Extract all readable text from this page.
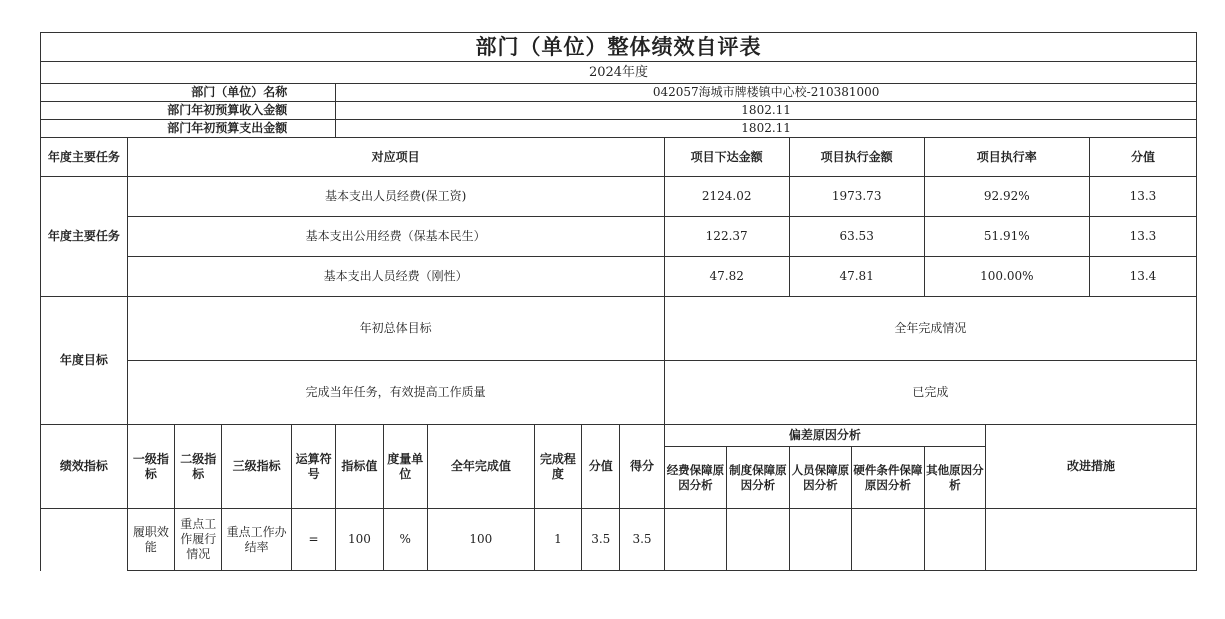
部门（单位）整体绩效自评表																	
2024年度																	
部门（单位）名称					042057海城市牌楼镇中心校-210381000												
部门年初预算收入金额					1802.11												
部门年初预算支出金额					1802.11												
年度主要任务	对应项目										项目下达金额		项目执行金额		项目执行率		分值
年度主要任务	基本支出人员经费(保工资)										2124.02		1973.73		92.92%		13.3
	基本支出公用经费（保基本民生）										122.37		63.53		51.91%		13.3
	基本支出人员经费（刚性）										47.82		47.81		100.00%		13.4
年度目标	年初总体目标										全年完成情况						
	完成当年任务，有效提高工作质量										已完成						
绩效指标	一级指标	二级指标	三级指标	运算符号	指标值	度量单位	全年完成值	完成程度	分值	得分	偏差原因分析					改进措施	
											经费保障原因分析	制度保障原因分析	人员保障原因分析	硬件条件保障原因分析	其他原因分析		
	履职效能	重点工作履行情况	重点工作办结率	=	100	%	100	1	3.5	3.5							
